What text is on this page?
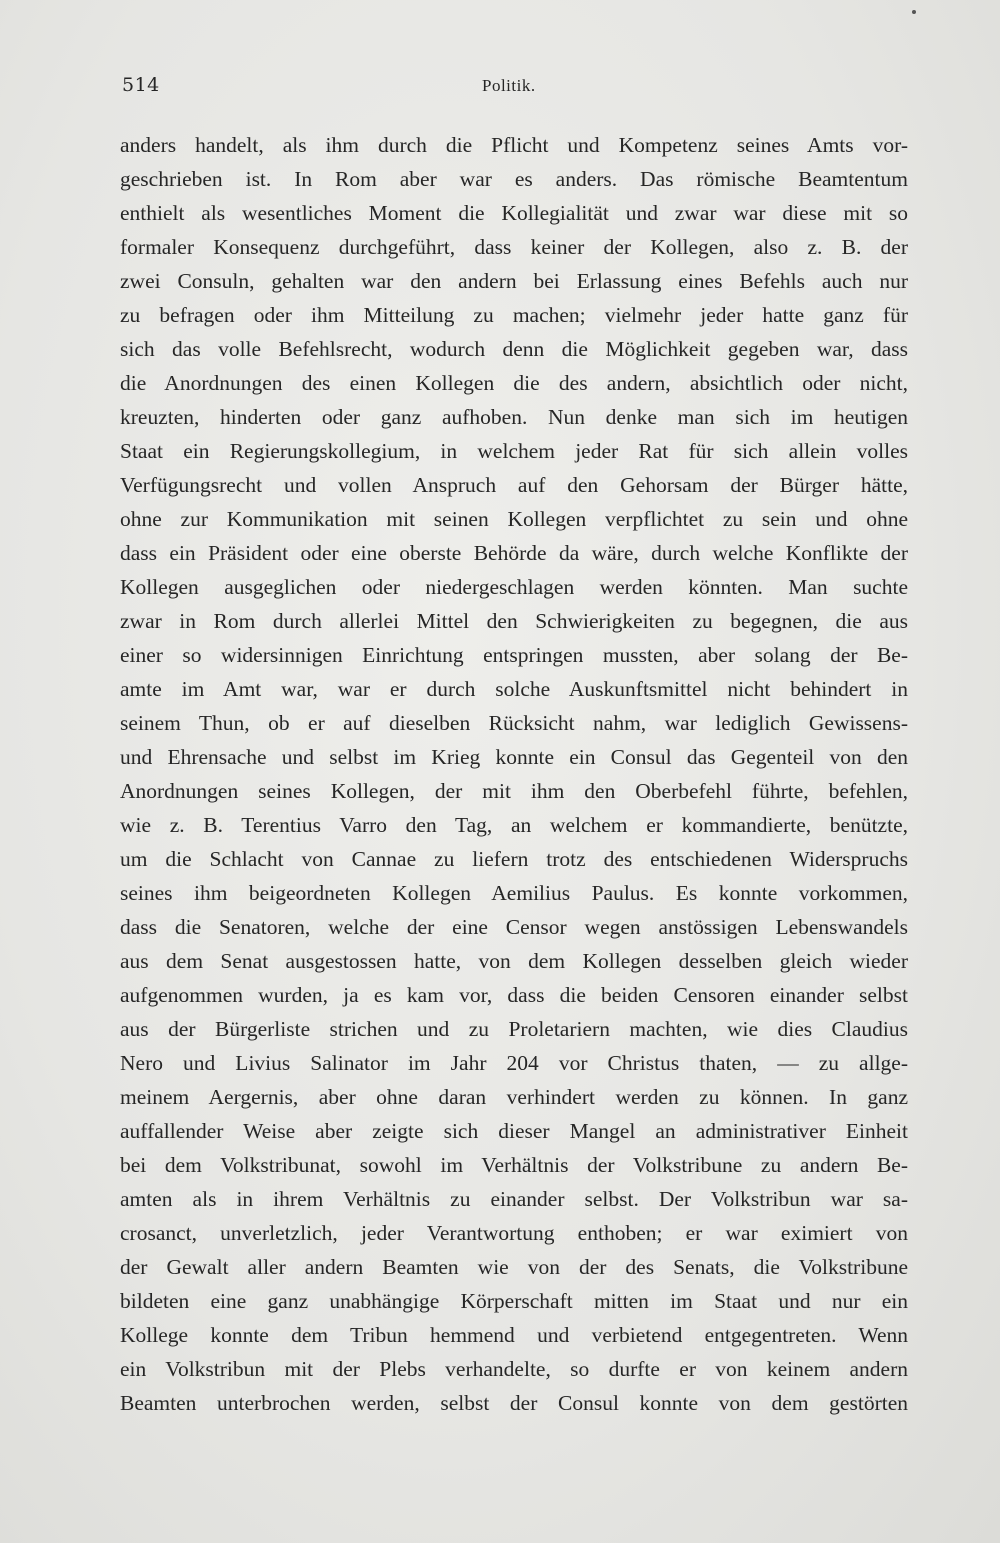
514	Politik.
anders handelt, als ihm durch die Pflicht und Kompetenz seines Amts vor-
geschrieben ist. In Rom aber war es anders. Das römische Beamtentum
enthielt als wesentliches Moment die Kollegialität und zwar war diese mit so
formaler Konsequenz durchgeführt, dass keiner der Kollegen, also z. B. der
zwei Consuln, gehalten war den andern bei Erlassung eines Befehls auch nur
zu befragen oder ihm Mitteilung zu machen; vielmehr jeder hatte ganz für
sich das volle Befehlsrecht, wodurch denn die Möglichkeit gegeben war, dass
die Anordnungen des einen Kollegen die des andern, absichtlich oder nicht,
kreuzten, hinderten oder ganz aufhoben. Nun denke man sich im heutigen
Staat ein Regierungskollegium, in welchem jeder Rat für sich allein volles
Verfügungsrecht und vollen Anspruch auf den Gehorsam der Bürger hätte,
ohne zur Kommunikation mit seinen Kollegen verpflichtet zu sein und ohne
dass ein Präsident oder eine oberste Behörde da wäre, durch welche Konflikte der
Kollegen ausgeglichen oder niedergeschlagen werden könnten. Man suchte
zwar in Rom durch allerlei Mittel den Schwierigkeiten zu begegnen, die aus
einer so widersinnigen Einrichtung entspringen mussten, aber solang der Be-
amte im Amt war, war er durch solche Auskunftsmittel nicht behindert in
seinem Thun, ob er auf dieselben Rücksicht nahm, war lediglich Gewissens-
und Ehrensache und selbst im Krieg konnte ein Consul das Gegenteil von den
Anordnungen seines Kollegen, der mit ihm den Oberbefehl führte, befehlen,
wie z. B. Terentius Varro den Tag, an welchem er kommandierte, benützte,
um die Schlacht von Cannae zu liefern trotz des entschiedenen Widerspruchs
seines ihm beigeordneten Kollegen Aemilius Paulus. Es konnte vorkommen,
dass die Senatoren, welche der eine Censor wegen anstössigen Lebenswandels
aus dem Senat ausgestossen hatte, von dem Kollegen desselben gleich wieder
aufgenommen wurden, ja es kam vor, dass die beiden Censoren einander selbst
aus der Bürgerliste strichen und zu Proletariern machten, wie dies Claudius
Nero und Livius Salinator im Jahr 204 vor Christus thaten, — zu allge-
meinem Aergernis, aber ohne daran verhindert werden zu können. In ganz
auffallender Weise aber zeigte sich dieser Mangel an administrativer Einheit
bei dem Volkstribunat, sowohl im Verhältnis der Volkstribune zu andern Be-
amten als in ihrem Verhältnis zu einander selbst. Der Volkstribun war sa-
crosanct, unverletzlich, jeder Verantwortung enthoben; er war eximiert von
der Gewalt aller andern Beamten wie von der des Senats, die Volkstribune
bildeten eine ganz unabhängige Körperschaft mitten im Staat und nur ein
Kollege konnte dem Tribun hemmend und verbietend entgegentreten. Wenn
ein Volkstribun mit der Plebs verhandelte, so durfte er von keinem andern
Beamten unterbrochen werden, selbst der Consul konnte von dem gestörten
